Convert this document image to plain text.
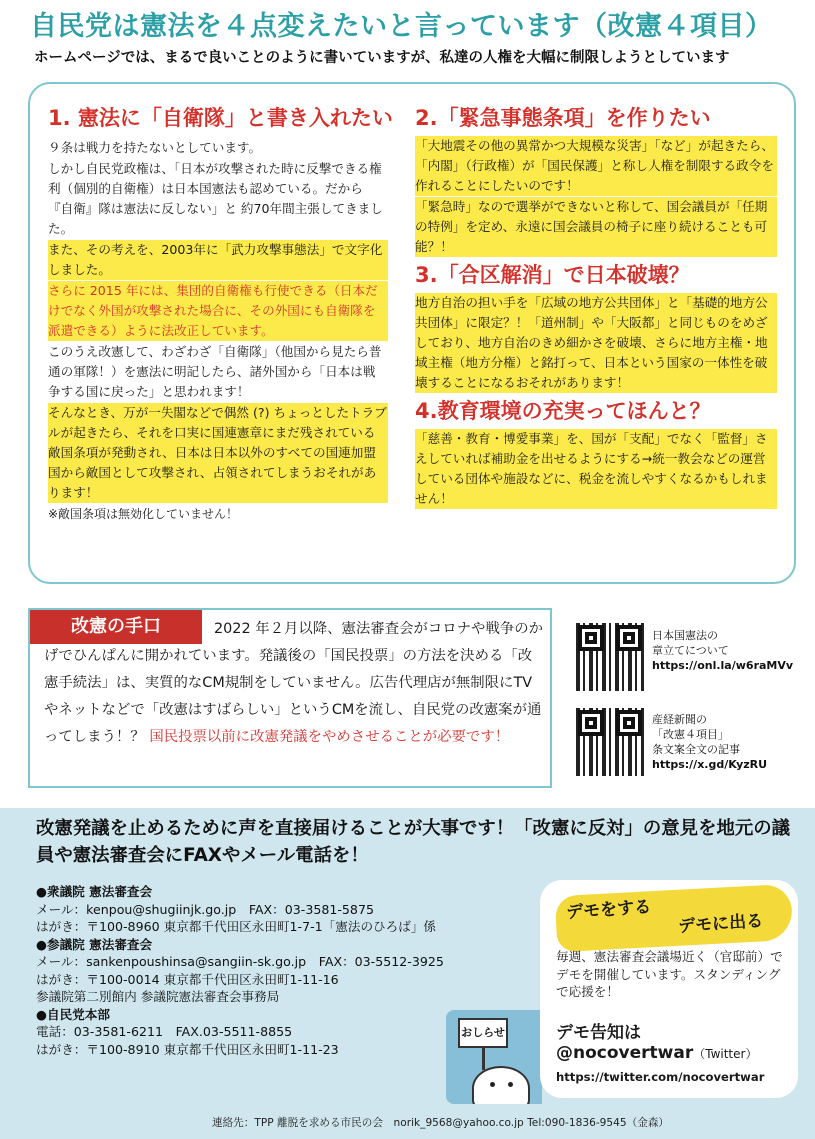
自民党は憲法を４点変えたいと言っています（改憲４項目）
ホームページでは、まるで良いことのように書いていますが、私達の人権を大幅に制限しようとしています
1. 憲法に「自衛隊」と書き入れたい

９条は戦力を持たないとしています。

しかし自民党政権は、「日本が攻撃された時に反撃できる権利（個別的自衛権）は日本国憲法も認めている。だから『自衛』隊は憲法に反しない」と 約70年間主張してきました。

また、その考えを、2003年に「武力攻撃事態法」で文字化しました。

さらに 2015 年には、集団的自衛権も行使できる（日本だけでなく外国が攻撃された場合に、その外国にも自衛隊を派遣できる）ように法改正しています。

このうえ改憲して、わざわざ「自衛隊」（他国から見たら普通の軍隊！）を憲法に明記したら、諸外国から「日本は戦争する国に戻った」と思われます！

そんなとき、万が一失閣などで偶然 (?) ちょっとしたトラブルが起きたら、それを口実に国連憲章にまだ残されている敵国条項が発動され、日本は日本以外のすべての国連加盟国から敵国として攻撃され、占領されてしまうおそれがあります！

※敵国条項は無効化していません！

2.「緊急事態条項」を作りたい

「大地震その他の異常かつ大規模な災害」「など」が起きたら、「内閣」（行政権）が「国民保護」と称し人権を制限する政令を作れることにしたいのです！

「緊急時」なので選挙ができないと称して、国会議員が「任期の特例」を定め、永遠に国会議員の椅子に座り続けることも可能？！

3.「合区解消」で日本破壊？

地方自治の担い手を「広域の地方公共団体」と「基礎的地方公共団体」に限定？！「道州制」や「大阪都」と同じものをめざしており、地方自治のきめ細かさを破壊、さらに地方主権・地域主権（地方分権）と銘打って、日本という国家の一体性を破壊することになるおそれがあります！

4.教育環境の充実ってほんと？

「慈善・教育・博愛事業」を、国が「支配」でなく「監督」さえしていれば補助金を出せるようにする→統一教会などの運営している団体や施設などに、税金を流しやすくなるかもしれません！

改憲の手口	2022 年２月以降、憲法審査会がコロナや戦争のかげでひんぱんに開かれています。発議後の「国民投票」の方法を決める「改憲手続法」は、実質的なCM規制をしていません。広告代理店が無制限にTVやネットなどで「改憲はすばらしい」というCMを流し、自民党の改憲案が通ってしまう！？ 国民投票以前に改憲発議をやめさせることが必要です！
日本国憲法の
章立てについて
https://onl.la/w6raMVv
産経新聞の
「改憲４項目」
条文案全文の記事
https://x.gd/KyzRU
改憲発議を止めるために声を直接届けることが大事です！「改憲に反対」の意見を地元の議員や憲法審査会にFAXやメール電話を！
●衆議院 憲法審査会
メール：kenpou@shugiinjk.go.jp　FAX：03-3581-5875
はがき：〒100-8960 東京都千代田区永田町1-7-1「憲法のひろば」係
●参議院 憲法審査会
メール：sankenpoushinsa@sangiin-sk.go.jp　FAX：03-5512-3925
はがき：〒100-0014 東京都千代田区永田町1-11-16
参議院第二別館内 参議院憲法審査会事務局
●自民党本部
電話：03-3581-6211　FAX.03-5511-8855
はがき：〒100-8910 東京都千代田区永田町1-11-23
おしらせ
デモをする
デモに出る
毎週、憲法審査会議場近く（官邸前）でデモを開催しています。スタンディングで応援を！
デモ告知は
@nocovertwar（Twitter）
https://twitter.com/nocovertwar
連絡先：TPP 離脱を求める市民の会　norik_9568@yahoo.co.jp Tel:090-1836-9545（金森）
